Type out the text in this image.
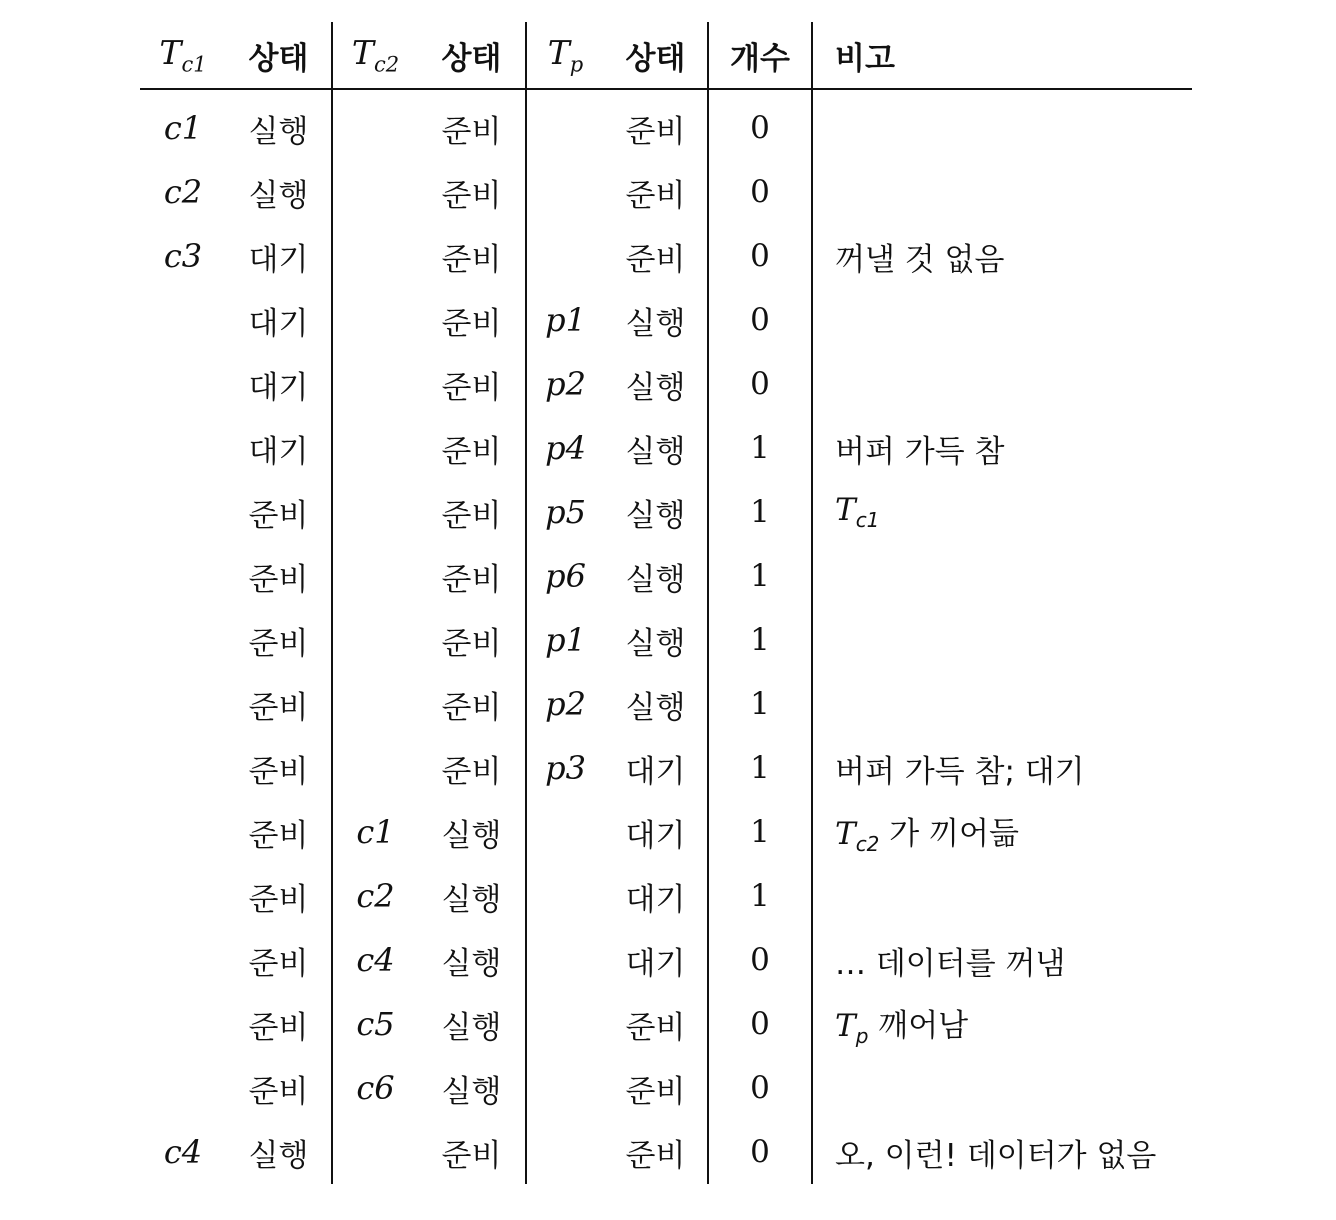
$T_{c1}$	상태	$T_{c2}$	상태	$T_p$	상태	개수	비고
c1	실행		준비		준비	0	
c2	실행		준비		준비	0	
c3	대기		준비		준비	0	꺼낼 것 없음
	대기		준비	p1	실행	0	
	대기		준비	p2	실행	0	
	대기		준비	p4	실행	1	버퍼 가득 참
	준비		준비	p5	실행	1	$T_{c1}$
	준비		준비	p6	실행	1	
	준비		준비	p1	실행	1	
	준비		준비	p2	실행	1	
	준비		준비	p3	대기	1	버퍼 가득 참; 대기
	준비	c1	실행		대기	1	$T_{c2}$ 가 끼어듦
	준비	c2	실행		대기	1	
	준비	c4	실행		대기	0	… 데이터를 꺼냄
	준비	c5	실행		준비	0	$T_p$ 깨어남
	준비	c6	실행		준비	0	
c4	실행		준비		준비	0	오, 이런! 데이터가 없음
